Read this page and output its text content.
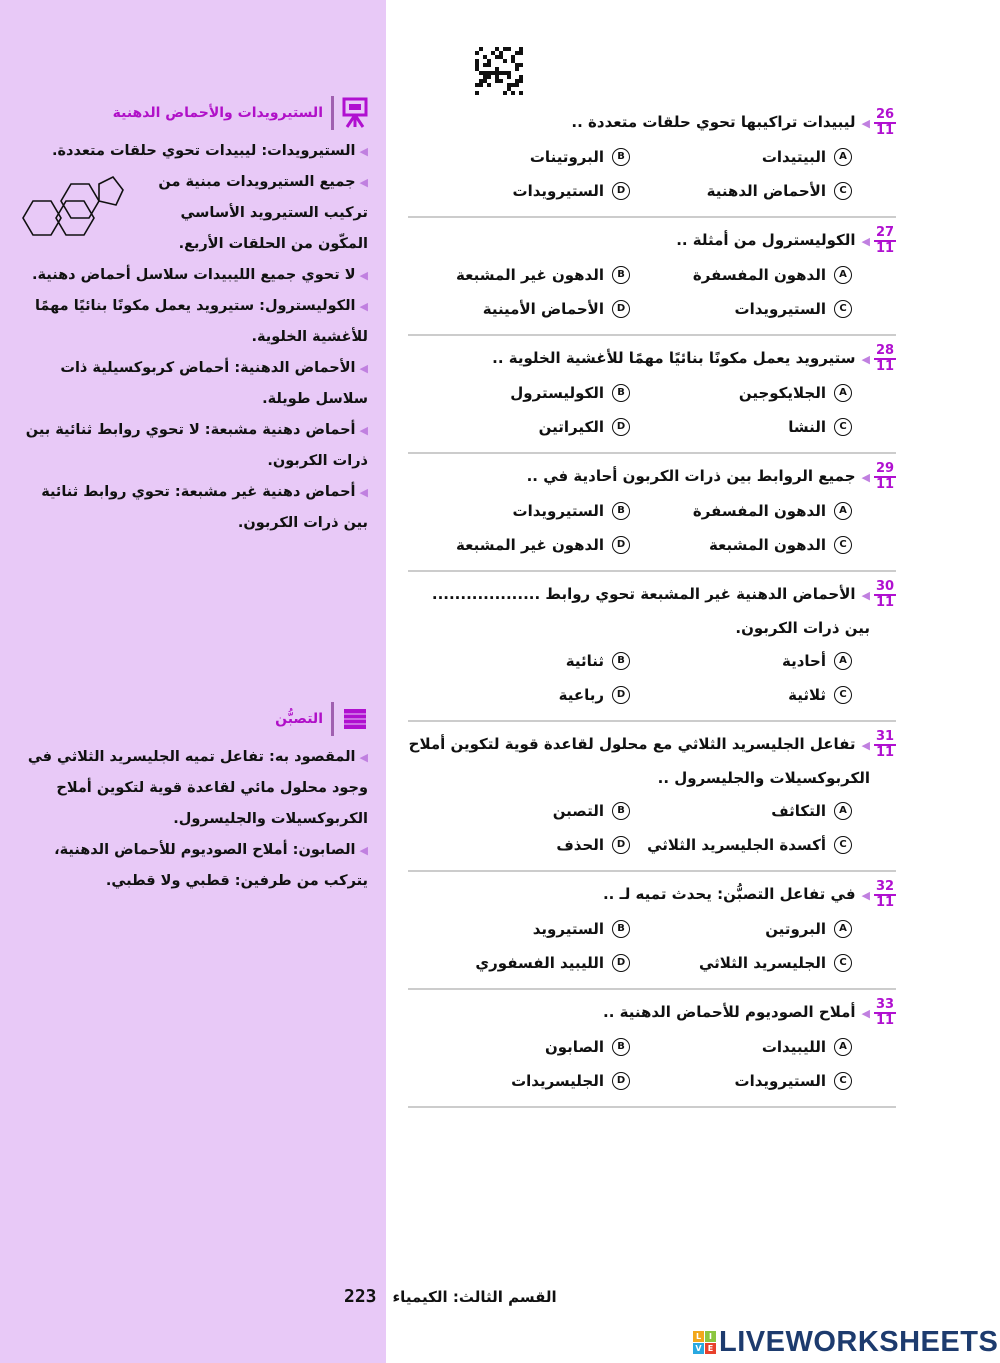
الستيرويدات والأحماض الدهنية

◀الستيرويدات: ليبيدات تحوي حلقات متعددة.

◀جميع الستيرويدات مبنية من تركيب الستيرويد الأساسي المكّون من الحلقات الأربع.

◀لا تحوي جميع الليبيدات سلاسل أحماض دهنية.

◀الكوليسترول: ستيرويد يعمل مكونًا بنائيًا مهمًا للأغشية الخلوية.

◀الأحماض الدهنية: أحماض كربوكسيلية ذات سلاسل طويلة.

◀أحماض دهنية مشبعة: لا تحوي روابط ثنائية بين ذرات الكربون.

◀أحماض دهنية غير مشبعة: تحوي روابط ثنائية بين ذرات الكربون.

التصبُّن

◀المقصود به: تفاعل تميه الجليسريد الثلاثي في وجود محلول مائي لقاعدة قوية لتكوين أملاح الكربوكسيلات والجليسرول.

◀الصابون: أملاح الصوديوم للأحماض الدهنية، يتركب من طرفين: قطبي ولا قطبي.

26
11
◀ليبيدات تراكيبها تحوي حلقات متعددة ..
A
البيتيدات
B
البروتينات
C
الأحماض الدهنية
D
الستيرويدات
27
11
◀الكوليسترول من أمثلة ..
A
الدهون المفسفرة
B
الدهون غير المشبعة
C
الستيرويدات
D
الأحماض الأمينية
28
11
◀ستيرويد يعمل مكونًا بنائيًا مهمًا للأغشية الخلوية ..
A
الجلايكوجين
B
الكوليسترول
C
النشا
D
الكيراتين
29
11
◀جميع الروابط بين ذرات الكربون أحادية في ..
A
الدهون المفسفرة
B
الستيرويدات
C
الدهون المشبعة
D
الدهون غير المشبعة
30
11
◀الأحماض الدهنية غير المشبعة تحوي روابط ................... بين ذرات الكربون.
A
أحادية
B
ثنائية
C
ثلاثية
D
رباعية
31
11
◀تفاعل الجليسريد الثلاثي مع محلول لقاعدة قوية لتكوين أملاح الكربوكسيلات والجليسرول ..
A
التكاثف
B
التصبن
C
أكسدة الجليسريد الثلاثي
D
الحذف
32
11
◀في تفاعل التصبُّن: يحدث تميه لـ ..
A
البروتين
B
الستيرويد
C
الجليسريد الثلاثي
D
الليبيد الفسفوري
33
11
◀أملاح الصوديوم للأحماض الدهنية ..
A
الليبيدات
B
الصابون
C
الستيرويدات
D
الجليسريدات
223 القسم الثالث: الكيمياء
L I
V E LIVEWORKSHEETS
